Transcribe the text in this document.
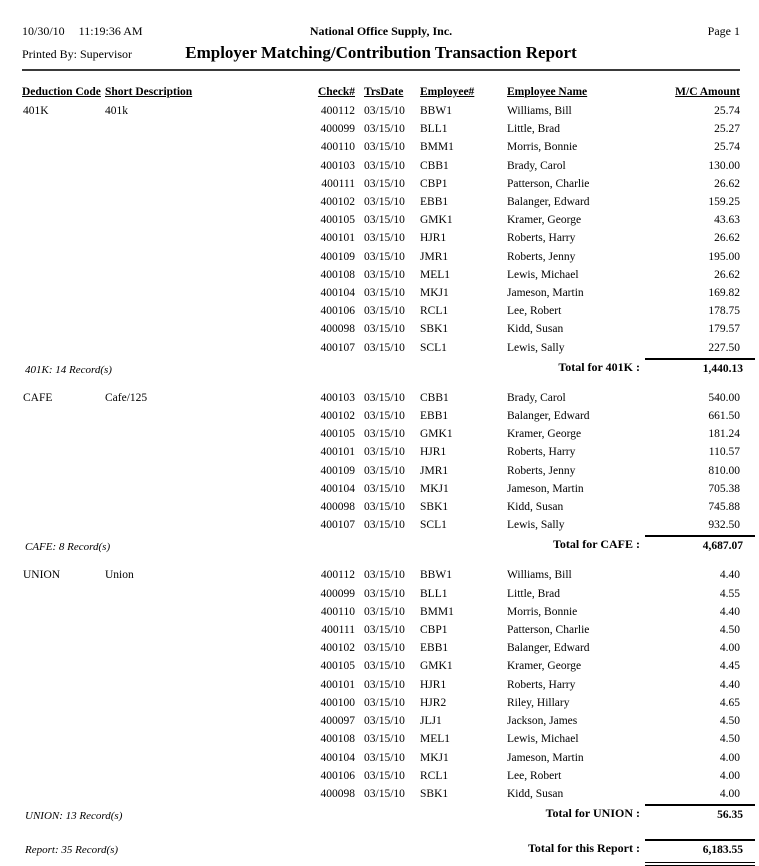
10/30/10 11:19:36 AM	National Office Supply, Inc.	Page 1
Printed By: Supervisor	Employer Matching/Contribution Transaction Report
Deduction Code Short Description	Check# TrsDate	Employee#	Employee Name	M/C Amount
401K	401k	400112 03/15/10	BBW1	Williams, Bill	25.74
400099 03/15/10	BLL1	Little, Brad	25.27
400110 03/15/10	BMM1	Morris, Bonnie	25.74
400103 03/15/10	CBB1	Brady, Carol	130.00
400111 03/15/10	CBP1	Patterson, Charlie	26.62
400102 03/15/10	EBB1	Balanger, Edward	159.25
400105 03/15/10	GMK1	Kramer, George	43.63
400101 03/15/10	HJR1	Roberts, Harry	26.62
400109 03/15/10	JMR1	Roberts, Jenny	195.00
400108 03/15/10	MEL1	Lewis, Michael	26.62
400104 03/15/10	MKJ1	Jameson, Martin	169.82
400106 03/15/10	RCL1	Lee, Robert	178.75
400098 03/15/10	SBK1	Kidd, Susan	179.57
400107 03/15/10	SCL1	Lewis, Sally	227.50
Total for 401K :	1,440.13
401K: 14 Record(s)
CAFE	Cafe/125	400103 03/15/10	CBB1	Brady, Carol	540.00
400102 03/15/10	EBB1	Balanger, Edward	661.50
400105 03/15/10	GMK1	Kramer, George	181.24
400101 03/15/10	HJR1	Roberts, Harry	110.57
400109 03/15/10	JMR1	Roberts, Jenny	810.00
400104 03/15/10	MKJ1	Jameson, Martin	705.38
400098 03/15/10	SBK1	Kidd, Susan	745.88
400107 03/15/10	SCL1	Lewis, Sally	932.50
Total for CAFE :	4,687.07
CAFE: 8 Record(s)
UNION	Union	400112 03/15/10	BBW1	Williams, Bill	4.40
400099 03/15/10	BLL1	Little, Brad	4.55
400110 03/15/10	BMM1	Morris, Bonnie	4.40
400111 03/15/10	CBP1	Patterson, Charlie	4.50
400102 03/15/10	EBB1	Balanger, Edward	4.00
400105 03/15/10	GMK1	Kramer, George	4.45
400101 03/15/10	HJR1	Roberts, Harry	4.40
400100 03/15/10	HJR2	Riley, Hillary	4.65
400097 03/15/10	JLJ1	Jackson, James	4.50
400108 03/15/10	MEL1	Lewis, Michael	4.50
400104 03/15/10	MKJ1	Jameson, Martin	4.00
400106 03/15/10	RCL1	Lee, Robert	4.00
400098 03/15/10	SBK1	Kidd, Susan	4.00
Total for UNION :	56.35
UNION: 13 Record(s)
Report: 35 Record(s)	Total for this Report :	6,183.55
